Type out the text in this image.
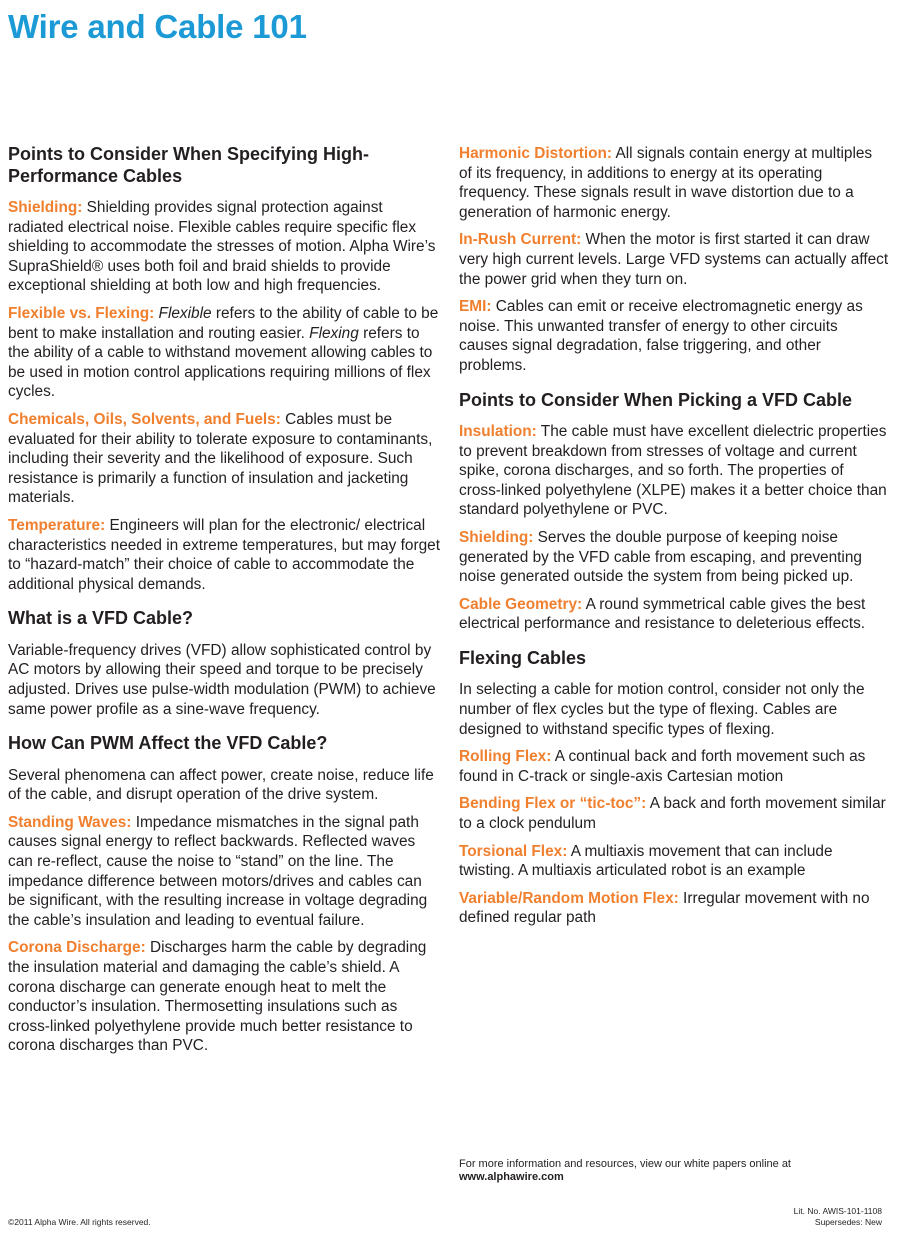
Wire and Cable 101
Points to Consider When Specifying High-Performance Cables

Shielding: Shielding provides signal protection against radiated electrical noise. Flexible cables require specific flex shielding to accommodate the stresses of motion. Alpha Wire’s SupraShield® uses both foil and braid shields to provide exceptional shielding at both low and high frequencies.

Flexible vs. Flexing: Flexible refers to the ability of cable to be bent to make installation and routing easier. Flexing refers to the ability of a cable to withstand movement allowing cables to be used in motion control applications requiring millions of flex cycles.

Chemicals, Oils, Solvents, and Fuels: Cables must be evaluated for their ability to tolerate exposure to contaminants, including their severity and the likelihood of exposure. Such resistance is primarily a function of insulation and jacketing materials.

Temperature: Engineers will plan for the electronic/ electrical characteristics needed in extreme temperatures, but may forget to “hazard-match” their choice of cable to accommodate the additional physical demands.

What is a VFD Cable?

Variable-frequency drives (VFD) allow sophisticated control by AC motors by allowing their speed and torque to be precisely adjusted. Drives use pulse-width modulation (PWM) to achieve same power profile as a sine-wave frequency.

How Can PWM Affect the VFD Cable?

Several phenomena can affect power, create noise, reduce life of the cable, and disrupt operation of the drive system.

Standing Waves: Impedance mismatches in the signal path causes signal energy to reflect backwards. Reflected waves can re-reflect, cause the noise to “stand” on the line. The impedance difference between motors/drives and cables can be significant, with the resulting increase in voltage degrading the cable’s insulation and leading to eventual failure.

Corona Discharge: Discharges harm the cable by degrading the insulation material and damaging the cable’s shield. A corona discharge can generate enough heat to melt the conductor’s insulation. Thermosetting insulations such as cross-linked polyethylene provide much better resistance to corona discharges than PVC.

Harmonic Distortion: All signals contain energy at multiples of its frequency, in additions to energy at its operating frequency. These signals result in wave distortion due to a generation of harmonic energy.

In-Rush Current: When the motor is first started it can draw very high current levels. Large VFD systems can actually affect the power grid when they turn on.

EMI: Cables can emit or receive electromagnetic energy as noise. This unwanted transfer of energy to other circuits causes signal degradation, false triggering, and other problems.

Points to Consider When Picking a VFD Cable

Insulation: The cable must have excellent dielectric properties to prevent breakdown from stresses of voltage and current spike, corona discharges, and so forth. The properties of cross-linked polyethylene (XLPE) makes it a better choice than standard polyethylene or PVC.

Shielding: Serves the double purpose of keeping noise generated by the VFD cable from escaping, and preventing noise generated outside the system from being picked up.

Cable Geometry: A round symmetrical cable gives the best electrical performance and resistance to deleterious effects.

Flexing Cables

In selecting a cable for motion control, consider not only the number of flex cycles but the type of flexing. Cables are designed to withstand specific types of flexing.

Rolling Flex: A continual back and forth movement such as found in C-track or single-axis Cartesian motion

Bending Flex or “tic-toc”: A back and forth movement similar to a clock pendulum

Torsional Flex: A multiaxis movement that can include twisting. A multiaxis articulated robot is an example

Variable/Random Motion Flex: Irregular movement with no defined regular path

For more information and resources, view our white papers online at
www.alphawire.com
©2011 Alpha Wire. All rights reserved.
Lit. No. AWIS-101-1108
Supersedes: New
